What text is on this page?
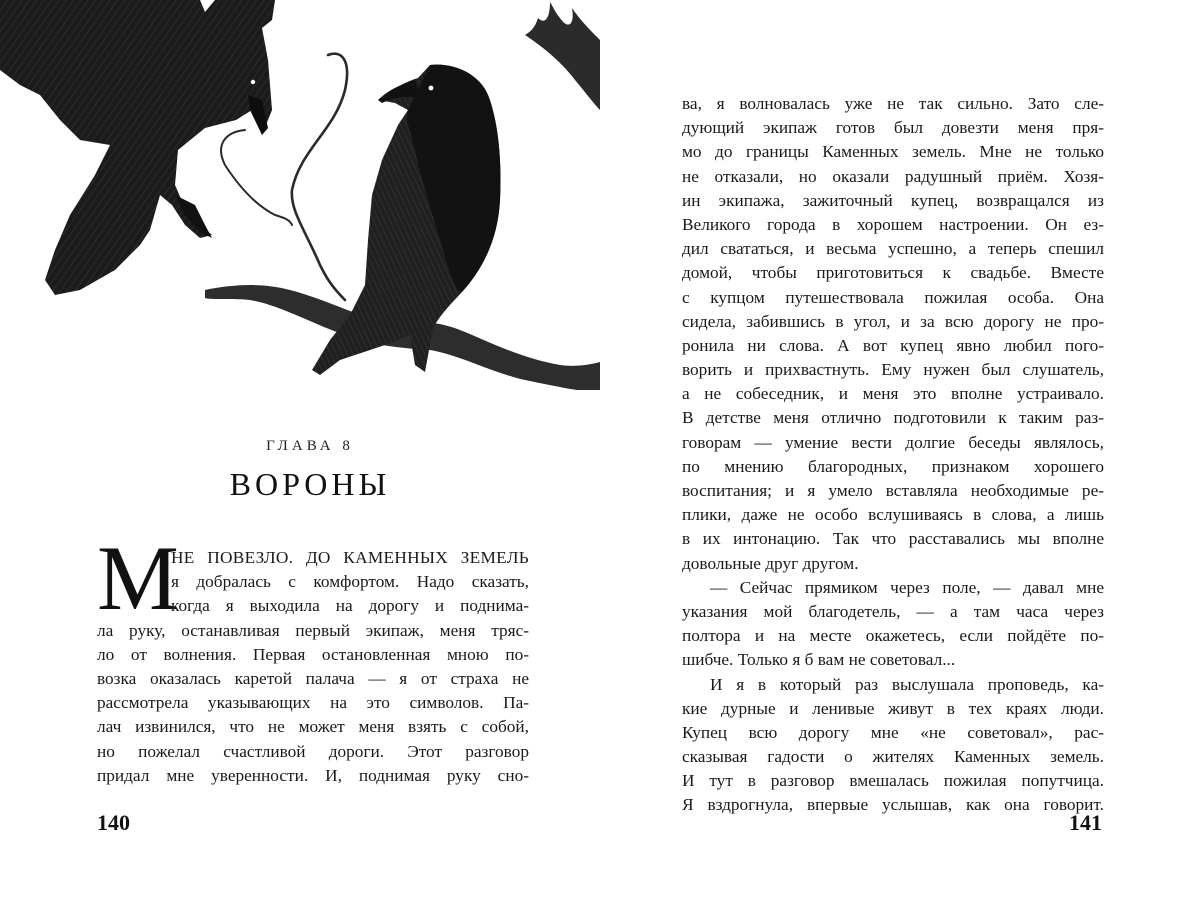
ГЛАВА 8
ВОРОНЫ
М
НЕ ПОВЕЗЛО. ДО КАМЕННЫХ ЗЕМЕЛЬ
я добралась с комфортом. Надо сказать,
когда я выходила на дорогу и поднима-
ла руку, останавливая первый экипаж, меня тряс-
ло от волнения. Первая остановленная мною по-
возка оказалась каретой палача — я от страха не
рассмотрела указывающих на это символов. Па-
лач извинился, что не может меня взять с собой,
но пожелал счастливой дороги. Этот разговор
придал мне уверенности. И, поднимая руку сно-
140
ва, я волновалась уже не так сильно. Зато сле-
дующий экипаж готов был довезти меня пря-
мо до границы Каменных земель. Мне не только
не отказали, но оказали радушный приём. Хозя-
ин экипажа, зажиточный купец, возвращался из
Великого города в хорошем настроении. Он ез-
дил свататься, и весьма успешно, а теперь спешил
домой, чтобы приготовиться к свадьбе. Вместе
с купцом путешествовала пожилая особа. Она
сидела, забившись в угол, и за всю дорогу не про-
ронила ни слова. А вот купец явно любил пого-
ворить и прихвастнуть. Ему нужен был слушатель,
а не собеседник, и меня это вполне устраивало.
В детстве меня отлично подготовили к таким раз-
говорам — умение вести долгие беседы являлось,
по мнению благородных, признаком хорошего
воспитания; и я умело вставляла необходимые ре-
плики, даже не особо вслушиваясь в слова, а лишь
в их интонацию. Так что расставались мы вполне
довольные друг другом.
— Сейчас прямиком через поле, — давал мне
указания мой благодетель, — а там часа через
полтора и на месте окажетесь, если пойдёте по-
шибче. Только я б вам не советовал...
И я в который раз выслушала проповедь, ка-
кие дурные и ленивые живут в тех краях люди.
Купец всю дорогу мне «не советовал», рас-
сказывая гадости о жителях Каменных земель.
И тут в разговор вмешалась пожилая попутчица.
Я вздрогнула, впервые услышав, как она говорит.
141
